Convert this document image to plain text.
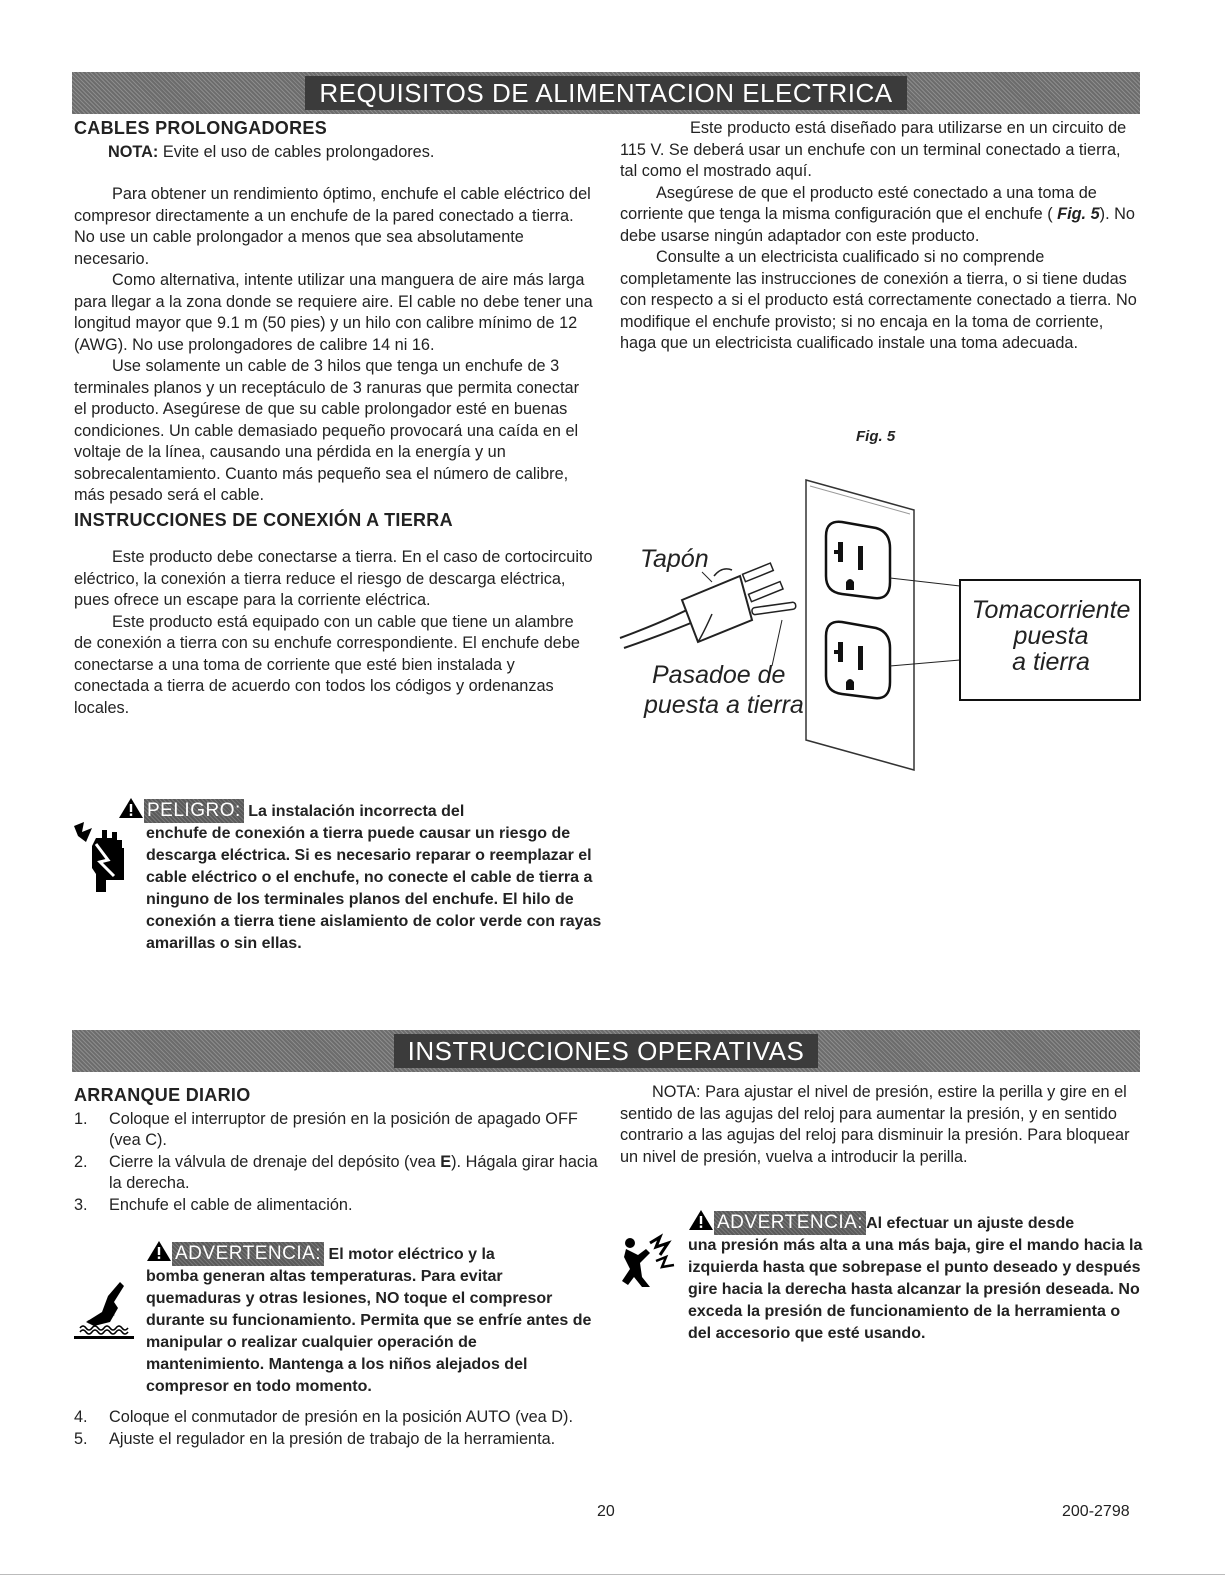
REQUISITOS DE ALIMENTACION ELECTRICA
CABLES PROLONGADORES

NOTA: Evite el uso de cables prolongadores.

Para obtener un rendimiento óptimo, enchufe el cable eléctrico del compresor directamente a un enchufe de la pared conectado a tierra. No use un cable prolongador a menos que sea absolutamente necesario.

Como alternativa, intente utilizar una manguera de aire más larga para llegar a la zona donde se requiere aire. El cable no debe tener una longitud mayor que 9.1 m (50 pies) y un hilo con calibre mínimo de 12 (AWG). No use prolongadores de calibre 14 ni 16.

Use solamente un cable de 3 hilos que tenga un enchufe de 3 terminales planos y un receptáculo de 3 ranuras que permita conectar el producto. Asegúrese de que su cable prolongador esté en buenas condiciones. Un cable demasiado pequeño provocará una caída en el voltaje de la línea, causando una pérdida en la energía y un sobrecalentamiento. Cuanto más pequeño sea el número de calibre, más pesado será el cable.

INSTRUCCIONES DE CONEXIÓN A TIERRA

Este producto debe conectarse a tierra. En el caso de cortocircuito eléctrico, la conexión a tierra reduce el riesgo de descarga eléctrica, pues ofrece un escape para la corriente eléctrica.

Este producto está equipado con un cable que tiene un alambre de conexión a tierra con su enchufe correspondiente. El enchufe debe conectarse a una toma de corriente que esté bien instalada y conectada a tierra de acuerdo con todos los códigos y ordenanzas locales.

PELIGRO: La instalación incorrecta del
enchufe de conexión a tierra puede causar un riesgo de descarga eléctrica. Si es necesario reparar o reemplazar el cable eléctrico o el enchufe, no conecte el cable de tierra a ninguno de los terminales planos del enchufe. El hilo de conexión a tierra tiene aislamiento de color verde con rayas amarillas o sin ellas.

Este producto está diseñado para utilizarse en un circuito de 115 V. Se deberá usar un enchufe con un terminal conectado a tierra, tal como el mostrado aquí.

Asegúrese de que el producto esté conectado a una toma de corriente que tenga la misma configuración que el enchufe ( Fig. 5). No debe usarse ningún adaptador con este producto.

Consulte a un electricista cualificado si no comprende completamente las instrucciones de conexión a tierra, o si tiene dudas con respecto a si el producto está correctamente conectado a tierra. No modifique el enchufe provisto; si no encaja en la toma de corriente, haga que un electricista cualificado instale una toma adecuada.

Fig. 5
Tapón
Pasadoe de
puesta a tierra
Tomacorriente
puesta
a tierra
INSTRUCCIONES OPERATIVAS
ARRANQUE DIARIO
1. Coloque el interruptor de presión en la posición de apagado OFF (vea C).
2. Cierre la válvula de drenaje del depósito (vea E). Hágala girar hacia la derecha.
3. Enchufe el cable de alimentación.
ADVERTENCIA: El motor eléctrico y la
bomba generan altas temperaturas. Para evitar quemaduras y otras lesiones, NO toque el compresor durante su funcionamiento. Permita que se enfríe antes de manipular o realizar cualquier operación de mantenimiento. Mantenga a los niños alejados del compresor en todo momento.
4. Coloque el conmutador de presión en la posición AUTO (vea D).
5. Ajuste el regulador en la presión de trabajo de la herramienta.

NOTA: Para ajustar el nivel de presión, estire la perilla y gire en el sentido de las agujas del reloj para aumentar la presión, y en sentido contrario a las agujas del reloj para disminuir la presión. Para bloquear un nivel de presión, vuelva a introducir la perilla.

ADVERTENCIA: Al efectuar un ajuste desde
una presión más alta a una más baja, gire el mando hacia la izquierda hasta que sobrepase el punto deseado y después gire hacia la derecha hasta alcanzar la presión deseada. No exceda la presión de funcionamiento de la herramienta o del accesorio que esté usando.
20	200-2798
